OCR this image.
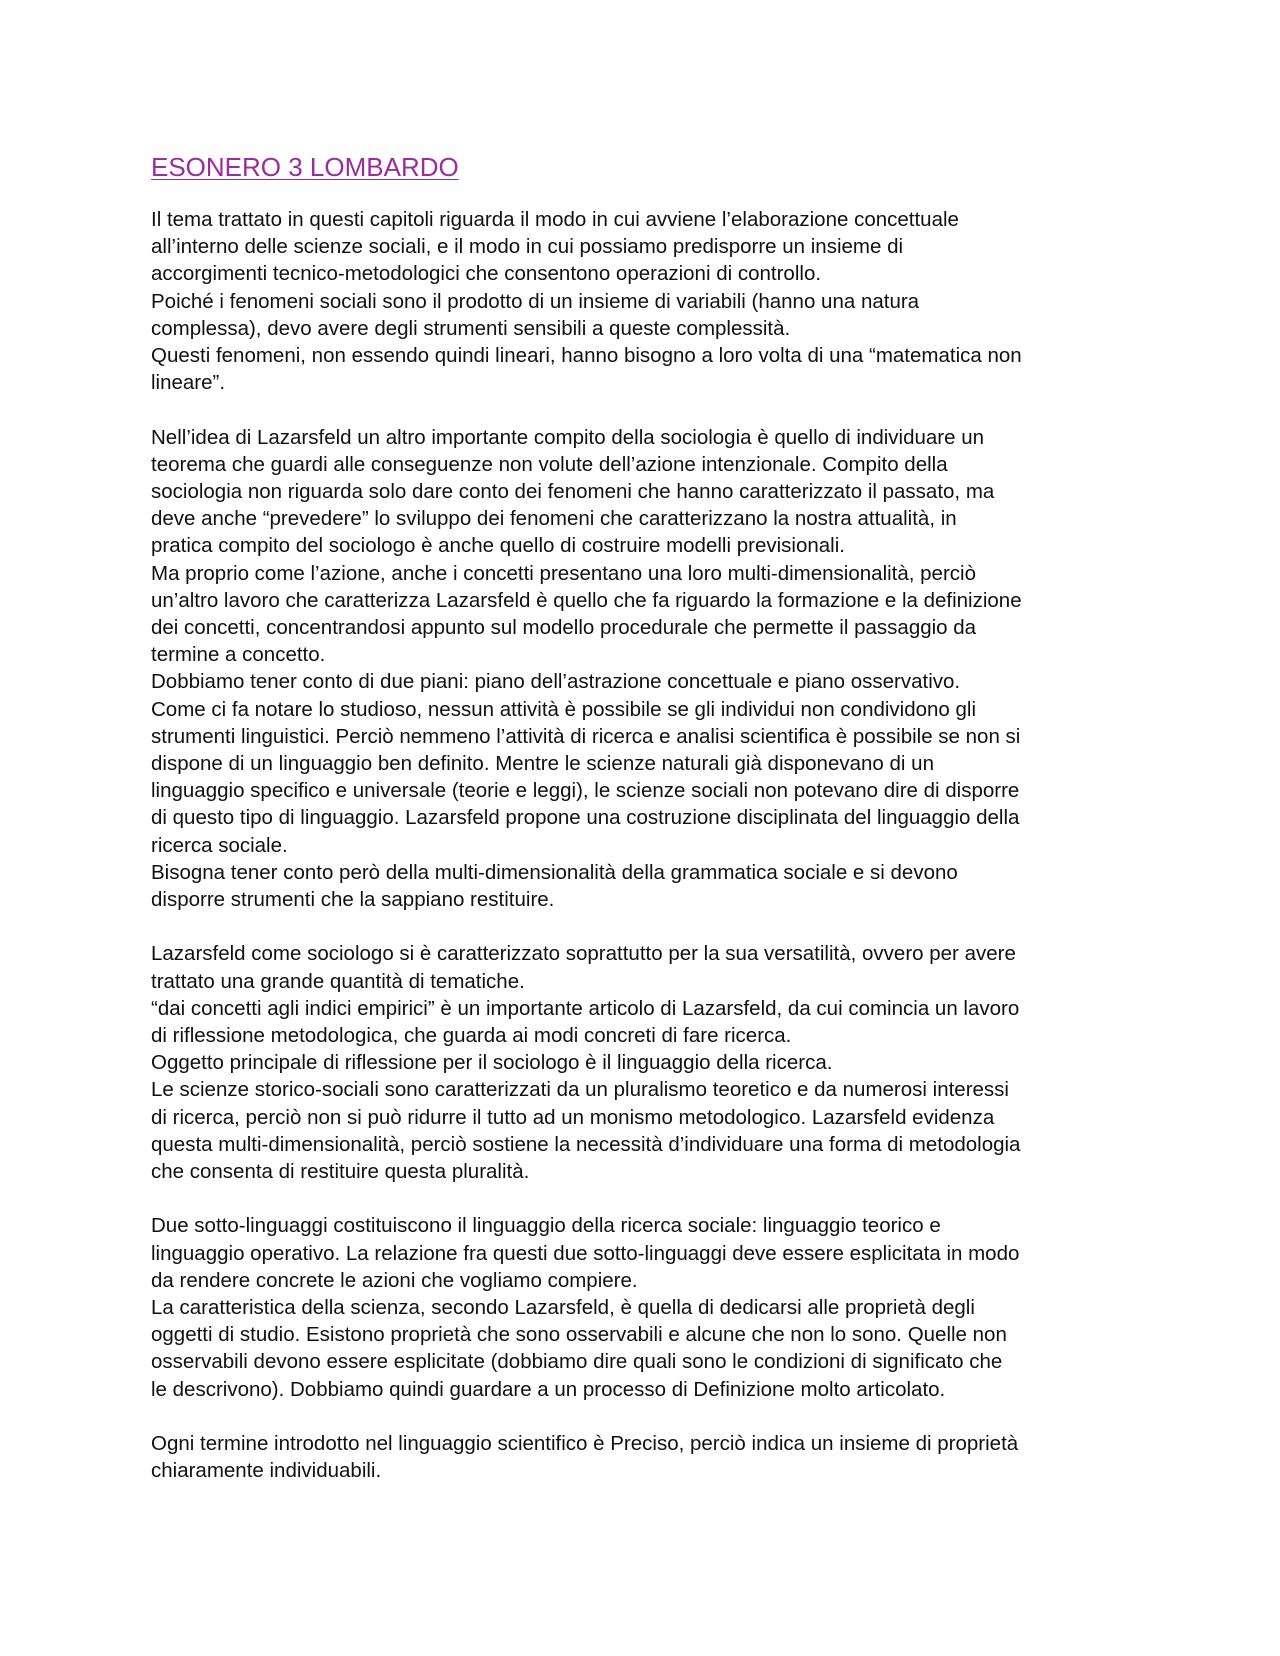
ESONERO 3 LOMBARDO

Il tema trattato in questi capitoli riguarda il modo in cui avviene l’elaborazione concettuale
all’interno delle scienze sociali, e il modo in cui possiamo predisporre un insieme di
accorgimenti tecnico-metodologici che consentono operazioni di controllo.
Poiché i fenomeni sociali sono il prodotto di un insieme di variabili (hanno una natura
complessa), devo avere degli strumenti sensibili a queste complessità.
Questi fenomeni, non essendo quindi lineari, hanno bisogno a loro volta di una “matematica non
lineare”.

Nell’idea di Lazarsfeld un altro importante compito della sociologia è quello di individuare un
teorema che guardi alle conseguenze non volute dell’azione intenzionale. Compito della
sociologia non riguarda solo dare conto dei fenomeni che hanno caratterizzato il passato, ma
deve anche “prevedere” lo sviluppo dei fenomeni che caratterizzano la nostra attualità, in
pratica compito del sociologo è anche quello di costruire modelli previsionali.
Ma proprio come l’azione, anche i concetti presentano una loro multi-dimensionalità, perciò
un’altro lavoro che caratterizza Lazarsfeld è quello che fa riguardo la formazione e la definizione
dei concetti, concentrandosi appunto sul modello procedurale che permette il passaggio da
termine a concetto.
Dobbiamo tener conto di due piani: piano dell’astrazione concettuale e piano osservativo.
Come ci fa notare lo studioso, nessun attività è possibile se gli individui non condividono gli
strumenti linguistici. Perciò nemmeno l’attività di ricerca e analisi scientifica è possibile se non si
dispone di un linguaggio ben definito. Mentre le scienze naturali già disponevano di un
linguaggio specifico e universale (teorie e leggi), le scienze sociali non potevano dire di disporre
di questo tipo di linguaggio. Lazarsfeld propone una costruzione disciplinata del linguaggio della
ricerca sociale.
Bisogna tener conto però della multi-dimensionalità della grammatica sociale e si devono
disporre strumenti che la sappiano restituire.

Lazarsfeld come sociologo si è caratterizzato soprattutto per la sua versatilità, ovvero per avere
trattato una grande quantità di tematiche.
“dai concetti agli indici empirici” è un importante articolo di Lazarsfeld, da cui comincia un lavoro
di riflessione metodologica, che guarda ai modi concreti di fare ricerca.
Oggetto principale di riflessione per il sociologo è il linguaggio della ricerca.
Le scienze storico-sociali sono caratterizzati da un pluralismo teoretico e da numerosi interessi
di ricerca, perciò non si può ridurre il tutto ad un monismo metodologico. Lazarsfeld evidenza
questa multi-dimensionalità, perciò sostiene la necessità d’individuare una forma di metodologia
che consenta di restituire questa pluralità.

Due sotto-linguaggi costituiscono il linguaggio della ricerca sociale: linguaggio teorico e
linguaggio operativo. La relazione fra questi due sotto-linguaggi deve essere esplicitata in modo
da rendere concrete le azioni che vogliamo compiere.
La caratteristica della scienza, secondo Lazarsfeld, è quella di dedicarsi alle proprietà degli
oggetti di studio. Esistono proprietà che sono osservabili e alcune che non lo sono. Quelle non
osservabili devono essere esplicitate (dobbiamo dire quali sono le condizioni di significato che
le descrivono). Dobbiamo quindi guardare a un processo di Definizione molto articolato.

Ogni termine introdotto nel linguaggio scientifico è Preciso, perciò indica un insieme di proprietà
chiaramente individuabili.
